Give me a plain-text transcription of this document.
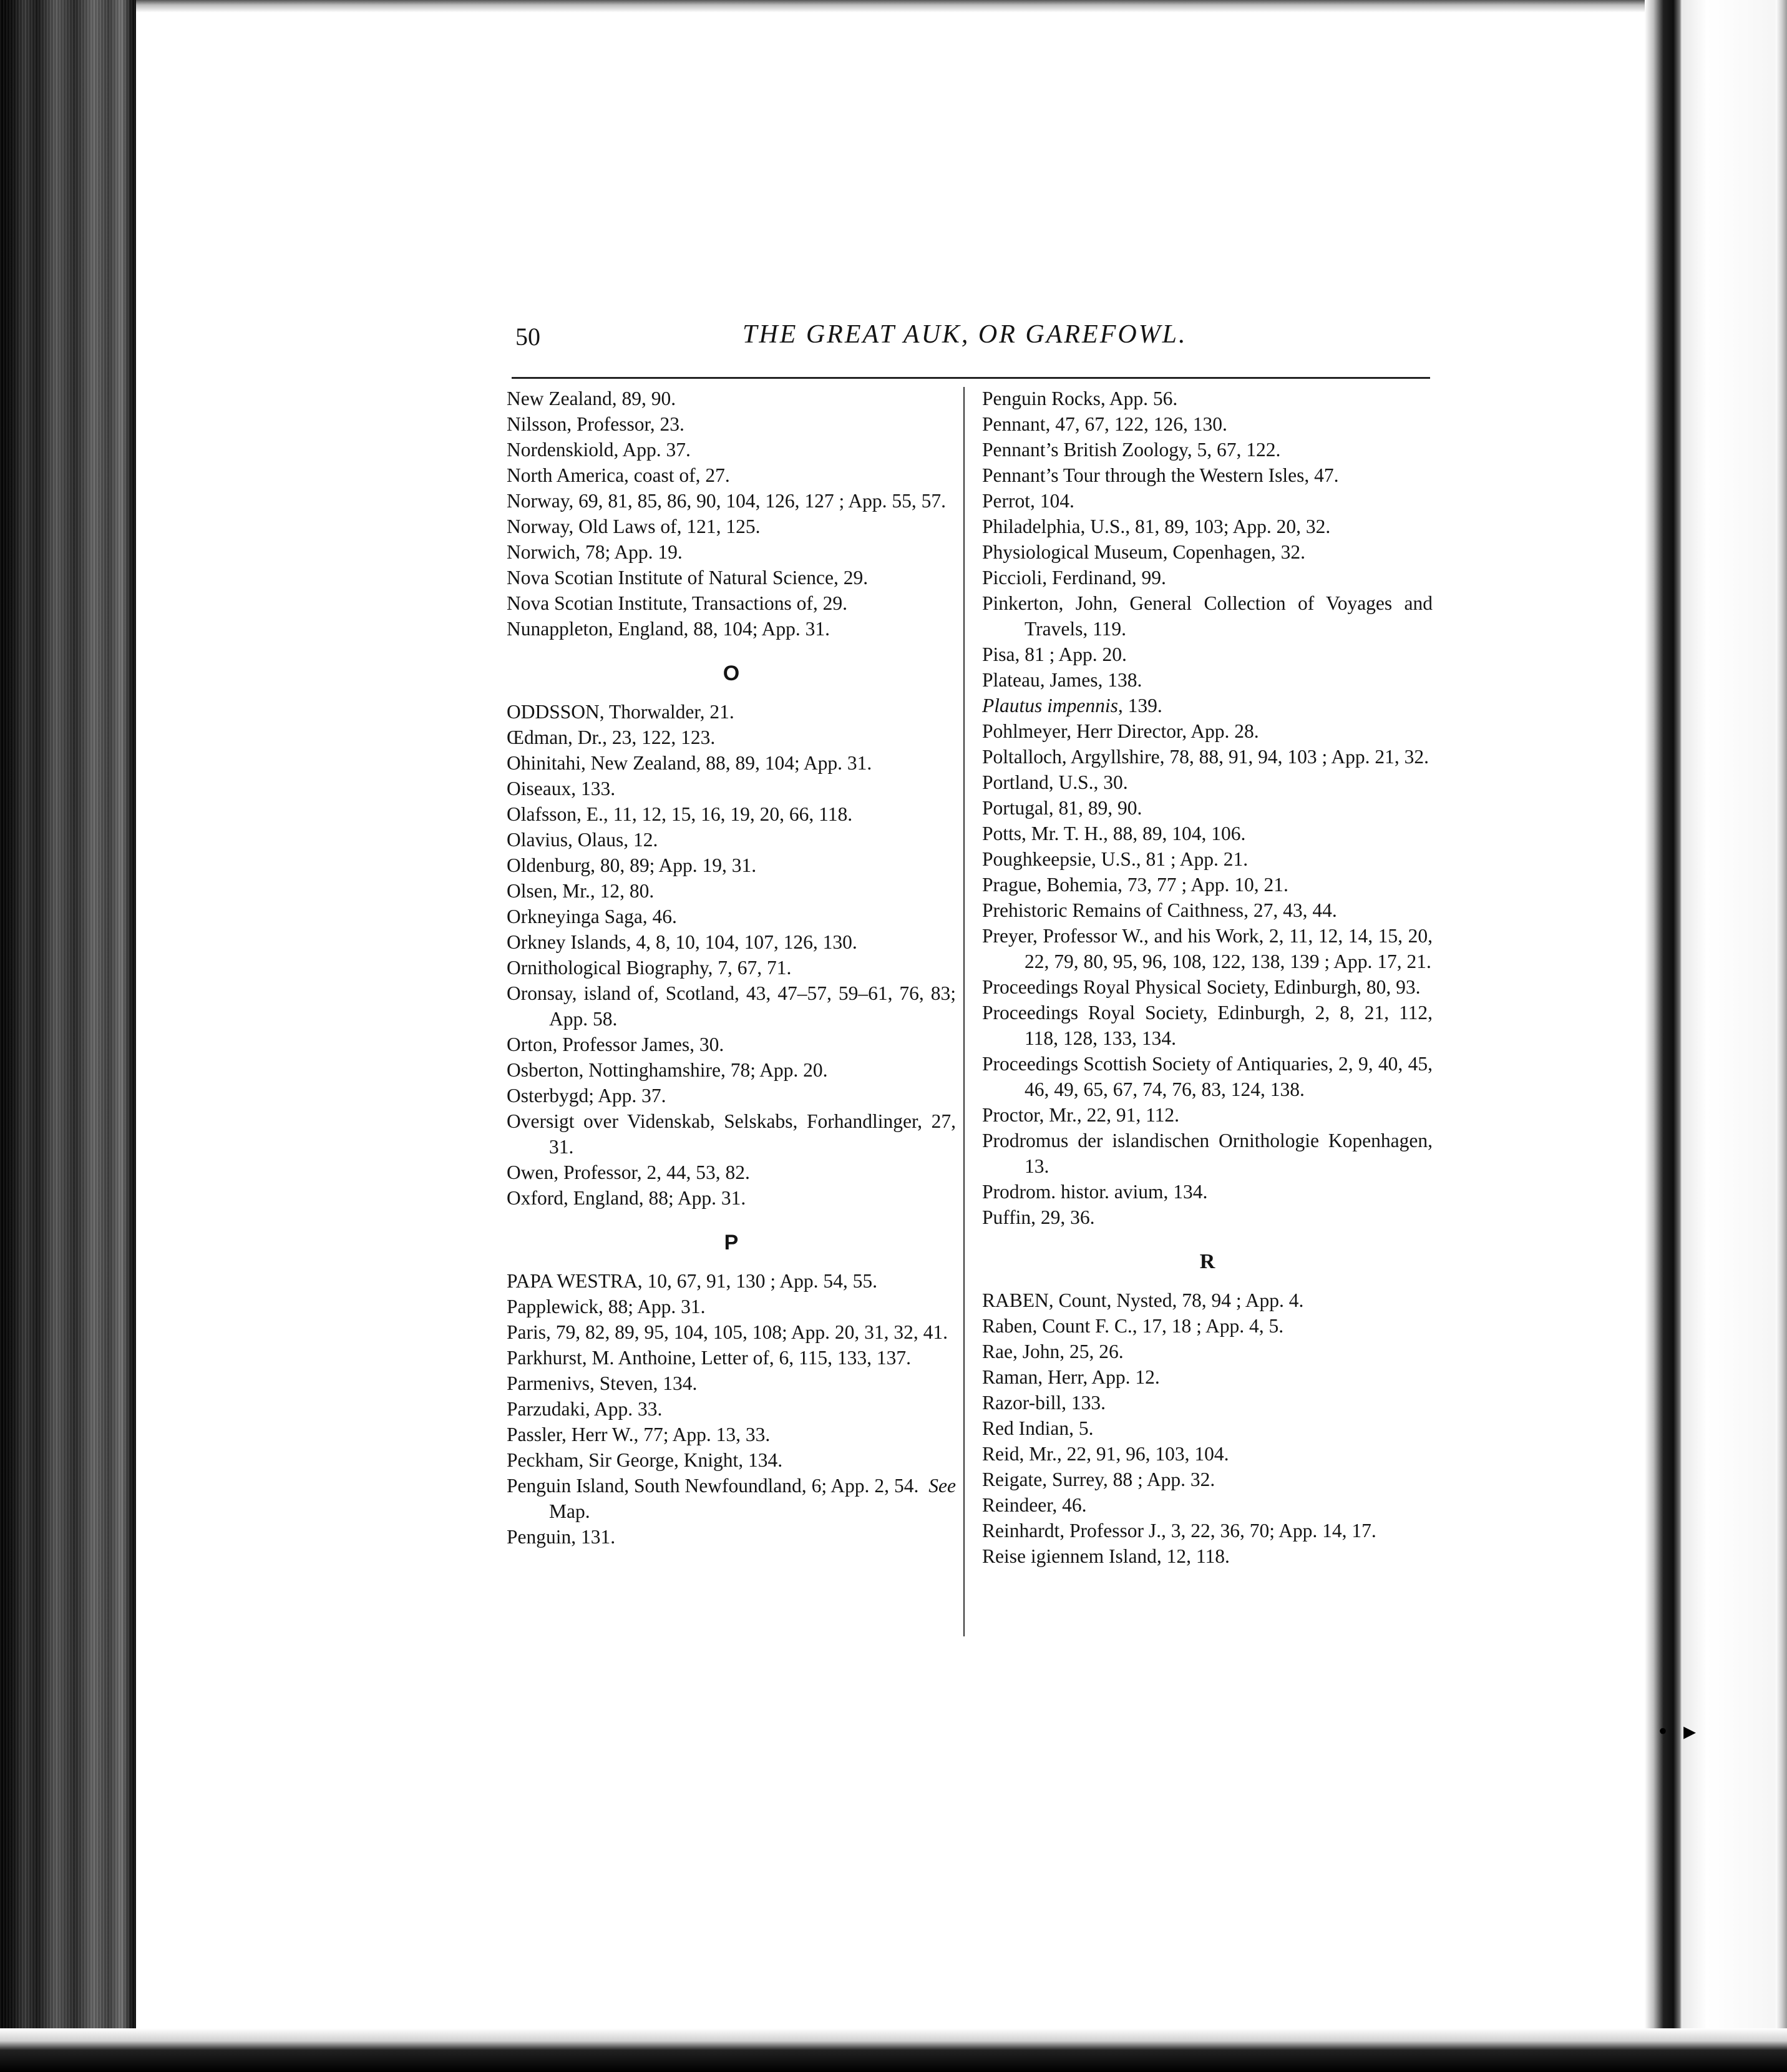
• ▸
50	THE GREAT AUK, OR GAREFOWL.
New Zealand, 89, 90.
Nilsson, Professor, 23.
Nordenskiold, App. 37.
North America, coast of, 27.
Norway, 69, 81, 85, 86, 90, 104, 126, 127 ; App. 55, 57.
Norway, Old Laws of, 121, 125.
Norwich, 78; App. 19.
Nova Scotian Institute of Natural Science, 29.
Nova Scotian Institute, Transactions of, 29.
Nunappleton, England, 88, 104; App. 31.
O
ODDSSON, Thorwalder, 21.
Œdman, Dr., 23, 122, 123.
Ohinitahi, New Zealand, 88, 89, 104; App. 31.
Oiseaux, 133.
Olafsson, E., 11, 12, 15, 16, 19, 20, 66, 118.
Olavius, Olaus, 12.
Oldenburg, 80, 89; App. 19, 31.
Olsen, Mr., 12, 80.
Orkneyinga Saga, 46.
Orkney Islands, 4, 8, 10, 104, 107, 126, 130.
Ornithological Biography, 7, 67, 71.
Oronsay, island of, Scotland, 43, 47–57, 59–61, 76, 83; App. 58.
Orton, Professor James, 30.
Osberton, Nottinghamshire, 78; App. 20.
Osterbygd; App. 37.
Oversigt over Videnskab, Selskabs, Forhandlinger, 27, 31.
Owen, Professor, 2, 44, 53, 82.
Oxford, England, 88; App. 31.
P
PAPA WESTRA, 10, 67, 91, 130 ; App. 54, 55.
Papplewick, 88; App. 31.
Paris, 79, 82, 89, 95, 104, 105, 108; App. 20, 31, 32, 41.
Parkhurst, M. Anthoine, Letter of, 6, 115, 133, 137.
Parmenivs, Steven, 134.
Parzudaki, App. 33.
Passler, Herr W., 77; App. 13, 33.
Peckham, Sir George, Knight, 134.
Penguin Island, South Newfoundland, 6; App. 2, 54. See Map.
Penguin, 131.
Penguin Rocks, App. 56.
Pennant, 47, 67, 122, 126, 130.
Pennant’s British Zoology, 5, 67, 122.
Pennant’s Tour through the Western Isles, 47.
Perrot, 104.
Philadelphia, U.S., 81, 89, 103; App. 20, 32.
Physiological Museum, Copenhagen, 32.
Piccioli, Ferdinand, 99.
Pinkerton, John, General Collection of Voyages and Travels, 119.
Pisa, 81 ; App. 20.
Plateau, James, 138.
Plautus impennis, 139.
Pohlmeyer, Herr Director, App. 28.
Poltalloch, Argyllshire, 78, 88, 91, 94, 103 ; App. 21, 32.
Portland, U.S., 30.
Portugal, 81, 89, 90.
Potts, Mr. T. H., 88, 89, 104, 106.
Poughkeepsie, U.S., 81 ; App. 21.
Prague, Bohemia, 73, 77 ; App. 10, 21.
Prehistoric Remains of Caithness, 27, 43, 44.
Preyer, Professor W., and his Work, 2, 11, 12, 14, 15, 20, 22, 79, 80, 95, 96, 108, 122, 138, 139 ; App. 17, 21.
Proceedings Royal Physical Society, Edinburgh, 80, 93.
Proceedings Royal Society, Edinburgh, 2, 8, 21, 112, 118, 128, 133, 134.
Proceedings Scottish Society of Antiquaries, 2, 9, 40, 45, 46, 49, 65, 67, 74, 76, 83, 124, 138.
Proctor, Mr., 22, 91, 112.
Prodromus der islandischen Ornithologie Kopenhagen, 13.
Prodrom. histor. avium, 134.
Puffin, 29, 36.
R
RABEN, Count, Nysted, 78, 94 ; App. 4.
Raben, Count F. C., 17, 18 ; App. 4, 5.
Rae, John, 25, 26.
Raman, Herr, App. 12.
Razor-bill, 133.
Red Indian, 5.
Reid, Mr., 22, 91, 96, 103, 104.
Reigate, Surrey, 88 ; App. 32.
Reindeer, 46.
Reinhardt, Professor J., 3, 22, 36, 70; App. 14, 17.
Reise igiennem Island, 12, 118.
